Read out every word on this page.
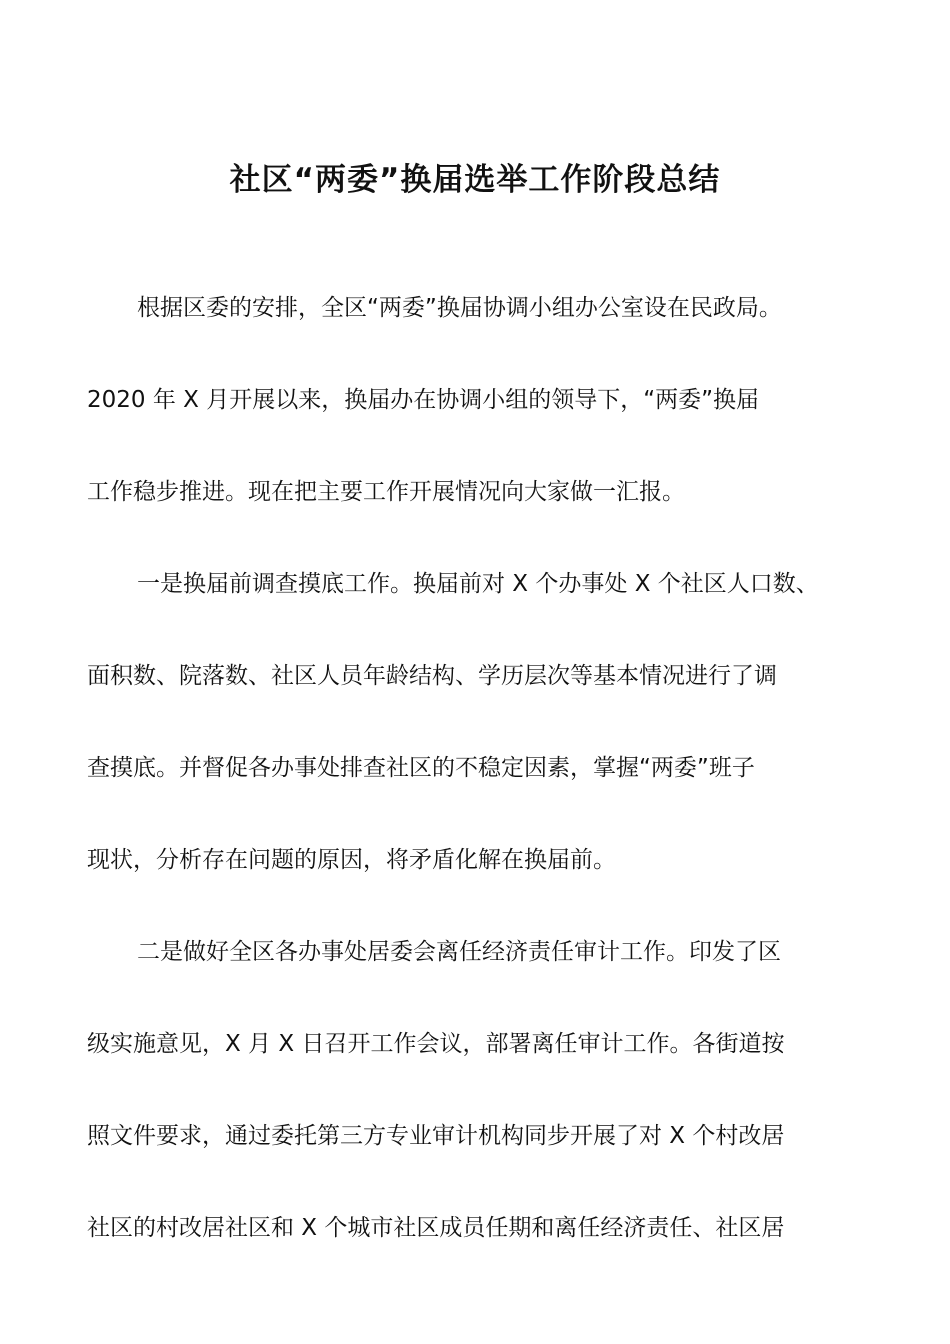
社区“两委”换届选举工作阶段总结
根据区委的安排，全区“两委”换届协调小组办公室设在民政局。
2020 年 X 月开展以来，换届办在协调小组的领导下，“两委”换届
工作稳步推进。现在把主要工作开展情况向大家做一汇报。
一是换届前调查摸底工作。换届前对 X 个办事处 X 个社区人口数、
面积数、院落数、社区人员年龄结构、学历层次等基本情况进行了调
查摸底。并督促各办事处排查社区的不稳定因素，掌握“两委”班子
现状，分析存在问题的原因，将矛盾化解在换届前。
二是做好全区各办事处居委会离任经济责任审计工作。印发了区
级实施意见，X 月 X 日召开工作会议，部署离任审计工作。各街道按
照文件要求，通过委托第三方专业审计机构同步开展了对 X 个村改居
社区的村改居社区和 X 个城市社区成员任期和离任经济责任、社区居
